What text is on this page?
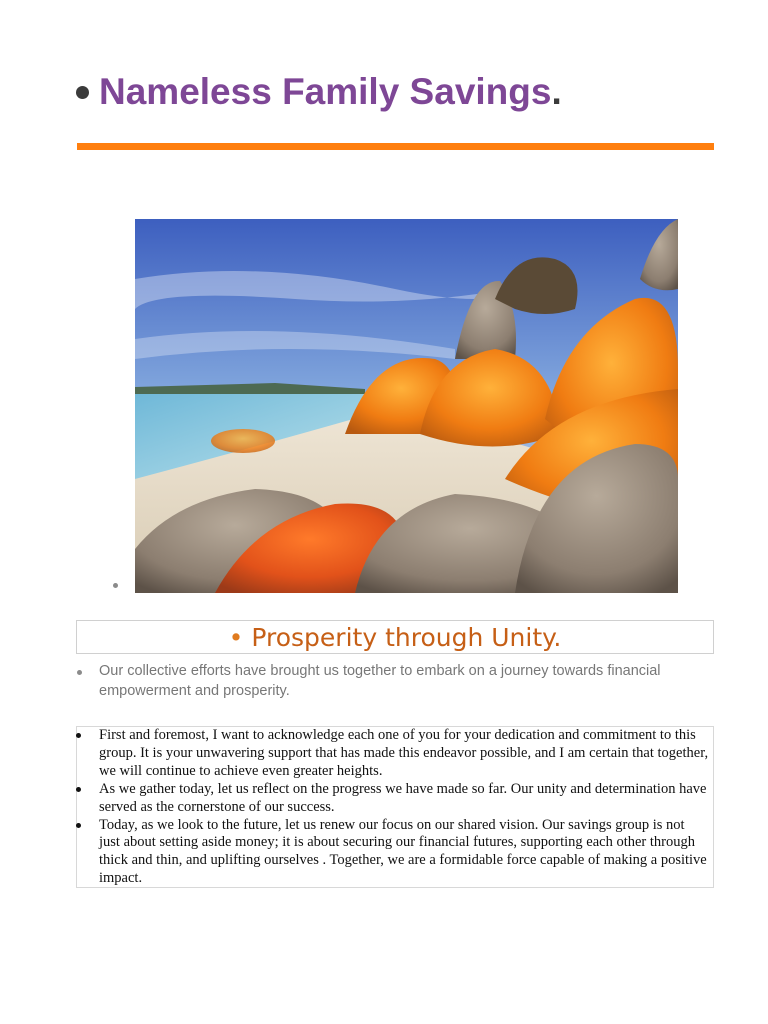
Nameless Family Savings .
• Prosperity through Unity.
Our collective efforts have brought us together to embark on a journey towards financial empowerment and prosperity.
First and foremost, I want to acknowledge each one of you for your dedication and commitment to this group. It is your unwavering support that has made this endeavor possible, and I am certain that together, we will continue to achieve even greater heights.
As we gather today, let us reflect on the progress we have made so far. Our unity and determination have served as the cornerstone of our success.
Today, as we look to the future, let us renew our focus on our shared vision. Our savings group is not just about setting aside money; it is about securing our financial futures, supporting each other through thick and thin, and uplifting ourselves . Together, we are a formidable force capable of making a positive impact.
